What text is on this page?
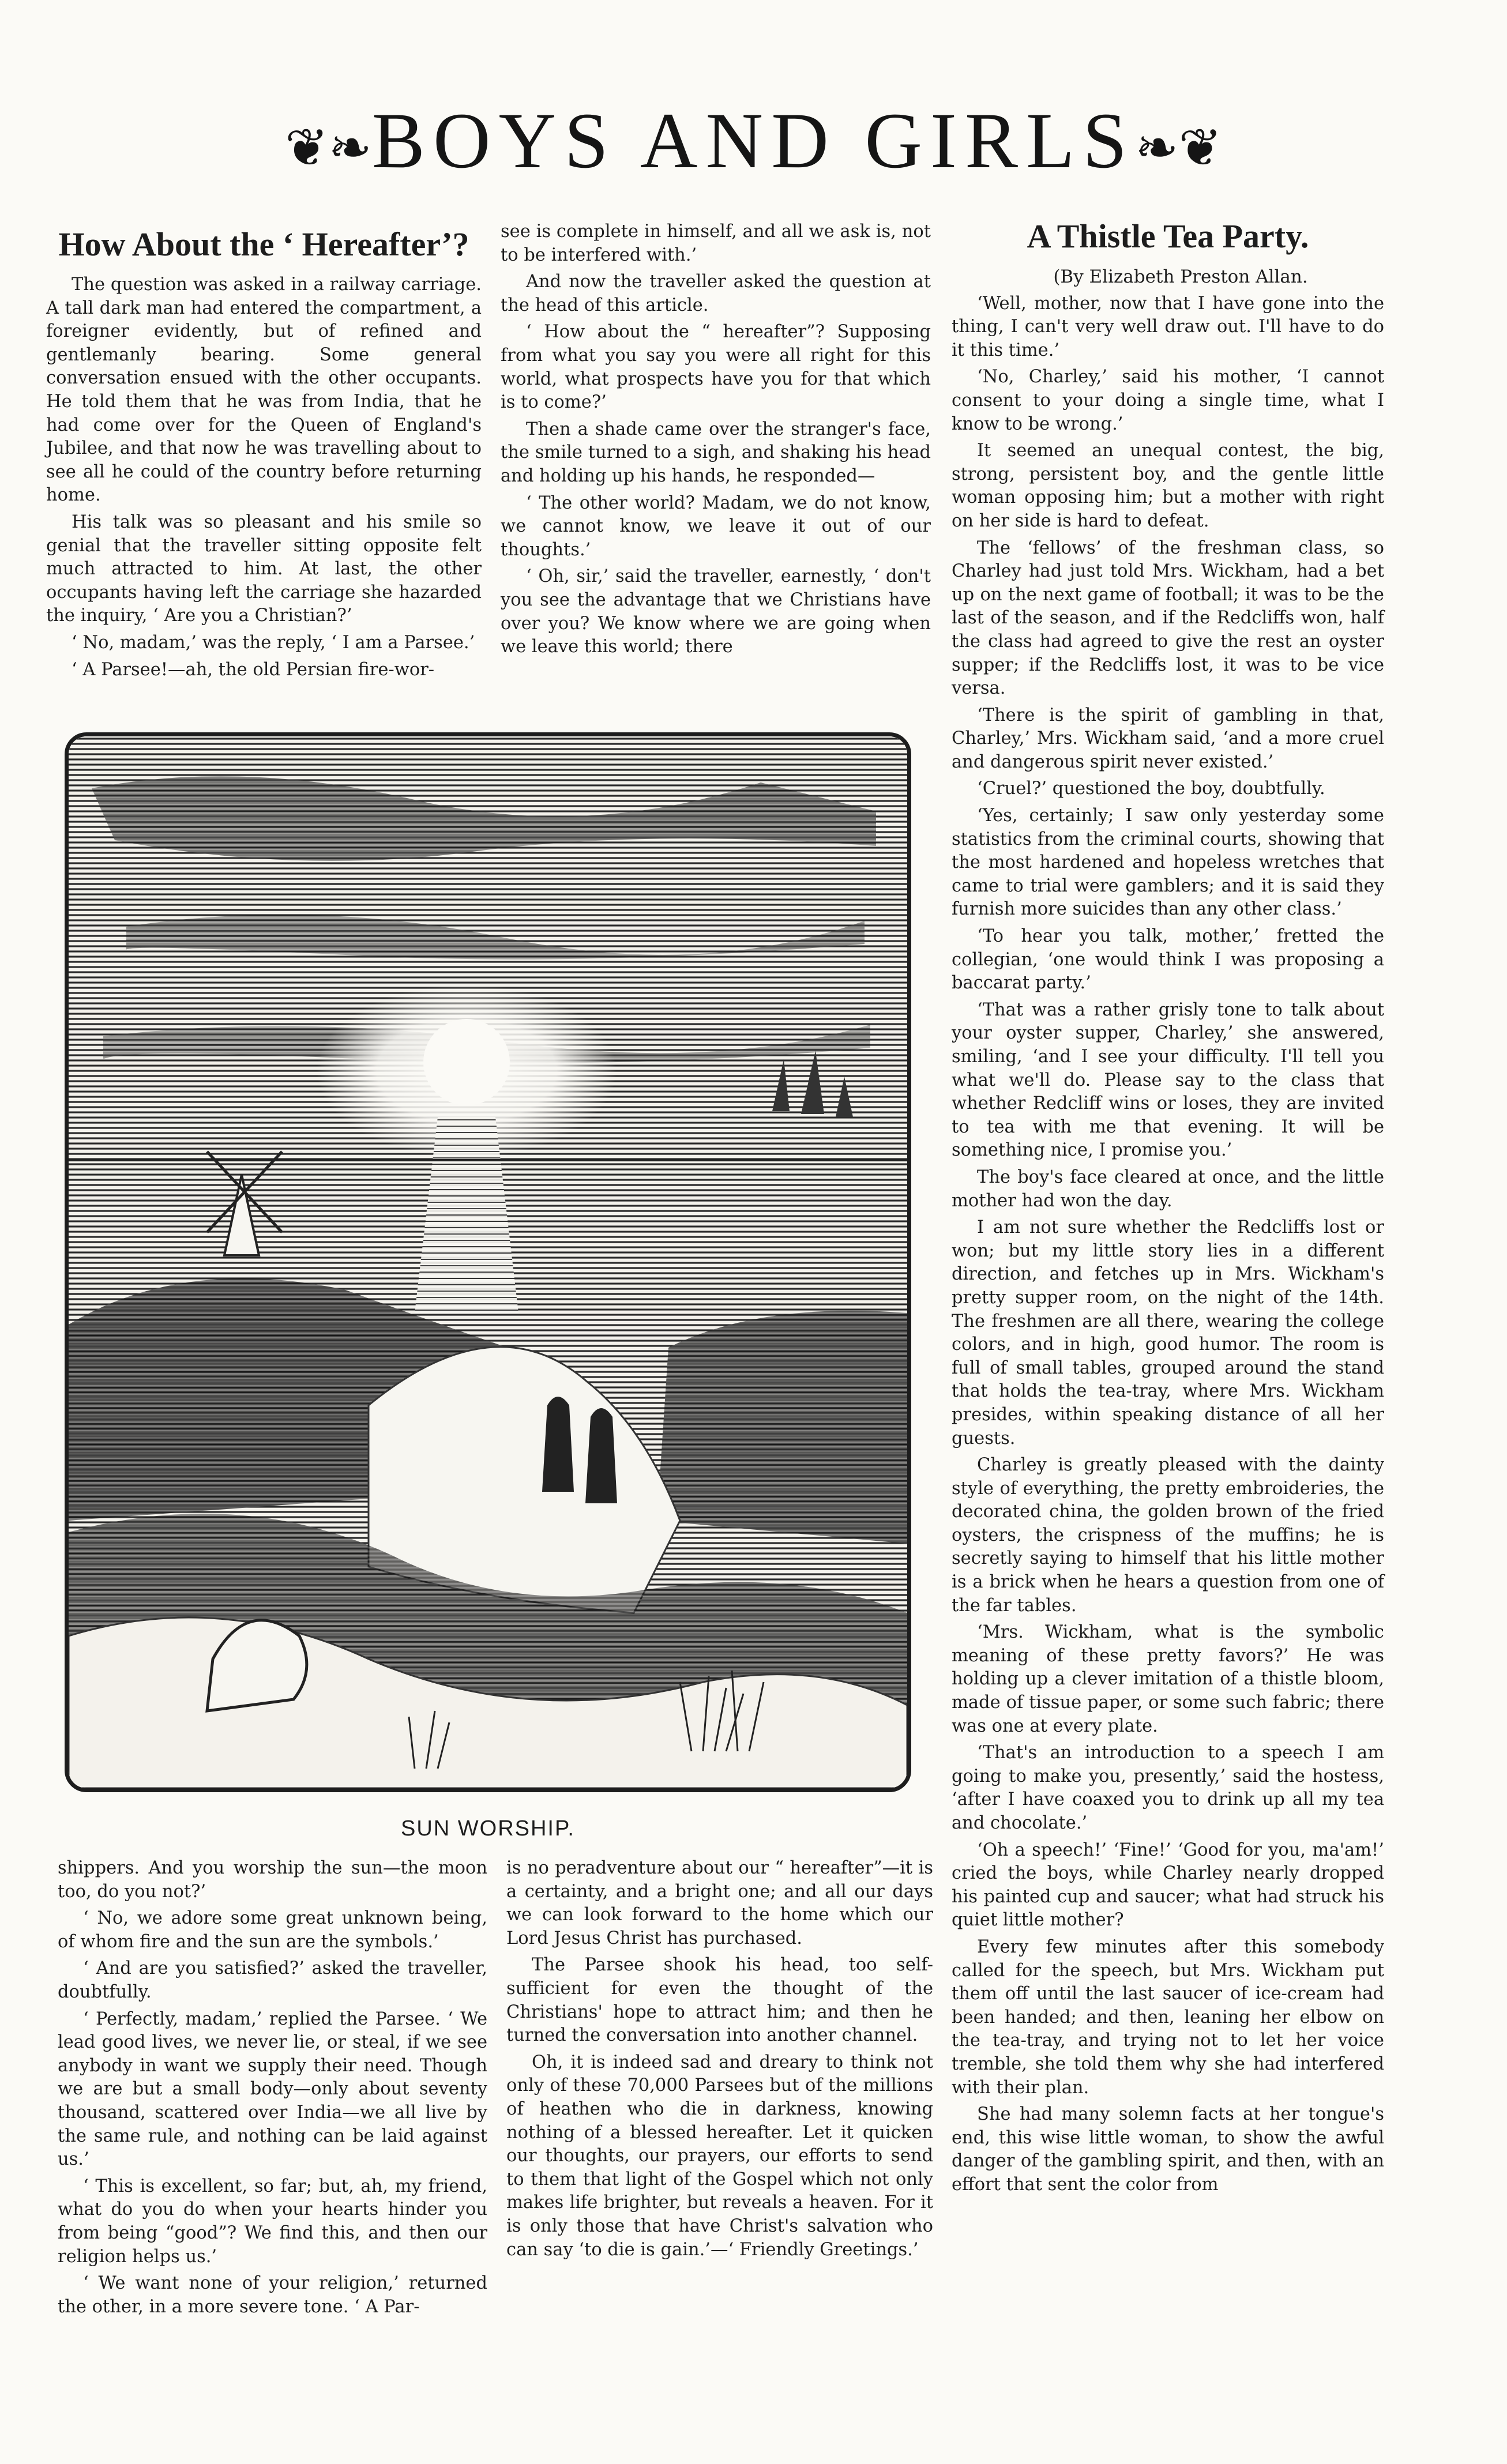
❦❧BOYS AND GIRLS❧❦
How About the ‘ Hereafter’?

The question was asked in a railway carriage. A tall dark man had entered the compartment, a foreigner evidently, but of refined and gentlemanly bearing. Some general conversation ensued with the other occupants. He told them that he was from India, that he had come over for the Queen of England's Jubilee, and that now he was travelling about to see all he could of the country before returning home.

His talk was so pleasant and his smile so genial that the traveller sitting opposite felt much attracted to him. At last, the other occupants having left the carriage she hazarded the inquiry, ‘ Are you a Christian?’

‘ No, madam,’ was the reply, ‘ I am a Parsee.’

‘ A Parsee!—ah, the old Persian fire-wor-

see is complete in himself, and all we ask is, not to be interfered with.’

And now the traveller asked the question at the head of this article.

‘ How about the “ hereafter”? Supposing from what you say you were all right for this world, what prospects have you for that which is to come?’

Then a shade came over the stranger's face, the smile turned to a sigh, and shaking his head and holding up his hands, he responded—

‘ The other world? Madam, we do not know, we cannot know, we leave it out of our thoughts.’

‘ Oh, sir,’ said the traveller, earnestly, ‘ don't you see the advantage that we Christians have over you? We know where we are going when we leave this world; there

SUN WORSHIP.

shippers. And you worship the sun—the moon too, do you not?’

‘ No, we adore some great unknown being, of whom fire and the sun are the symbols.’

‘ And are you satisfied?’ asked the traveller, doubtfully.

‘ Perfectly, madam,’ replied the Parsee. ‘ We lead good lives, we never lie, or steal, if we see anybody in want we supply their need. Though we are but a small body—only about seventy thousand, scattered over India—we all live by the same rule, and nothing can be laid against us.’

‘ This is excellent, so far; but, ah, my friend, what do you do when your hearts hinder you from being “good”? We find this, and then our religion helps us.’

‘ We want none of your religion,’ returned the other, in a more severe tone. ‘ A Par-

is no peradventure about our “ hereafter”—it is a certainty, and a bright one; and all our days we can look forward to the home which our Lord Jesus Christ has purchased.

The Parsee shook his head, too self-sufficient for even the thought of the Christians' hope to attract him; and then he turned the conversation into another channel.

Oh, it is indeed sad and dreary to think not only of these 70,000 Parsees but of the millions of heathen who die in darkness, knowing nothing of a blessed hereafter. Let it quicken our thoughts, our prayers, our efforts to send to them that light of the Gospel which not only makes life brighter, but reveals a heaven. For it is only those that have Christ's salvation who can say ‘to die is gain.’—‘ Friendly Greetings.’

A Thistle Tea Party.

(By Elizabeth Preston Allan.

‘Well, mother, now that I have gone into the thing, I can't very well draw out. I'll have to do it this time.’

‘No, Charley,’ said his mother, ‘I cannot consent to your doing a single time, what I know to be wrong.’

It seemed an unequal contest, the big, strong, persistent boy, and the gentle little woman opposing him; but a mother with right on her side is hard to defeat.

The ‘fellows’ of the freshman class, so Charley had just told Mrs. Wickham, had a bet up on the next game of football; it was to be the last of the season, and if the Redcliffs won, half the class had agreed to give the rest an oyster supper; if the Redcliffs lost, it was to be vice versa.

‘There is the spirit of gambling in that, Charley,’ Mrs. Wickham said, ‘and a more cruel and dangerous spirit never existed.’

‘Cruel?’ questioned the boy, doubtfully.

‘Yes, certainly; I saw only yesterday some statistics from the criminal courts, showing that the most hardened and hopeless wretches that came to trial were gamblers; and it is said they furnish more suicides than any other class.’

‘To hear you talk, mother,’ fretted the collegian, ‘one would think I was proposing a baccarat party.’

‘That was a rather grisly tone to talk about your oyster supper, Charley,’ she answered, smiling, ‘and I see your difficulty. I'll tell you what we'll do. Please say to the class that whether Redcliff wins or loses, they are invited to tea with me that evening. It will be something nice, I promise you.’

The boy's face cleared at once, and the little mother had won the day.

I am not sure whether the Redcliffs lost or won; but my little story lies in a different direction, and fetches up in Mrs. Wickham's pretty supper room, on the night of the 14th. The freshmen are all there, wearing the college colors, and in high, good humor. The room is full of small tables, grouped around the stand that holds the tea-tray, where Mrs. Wickham presides, within speaking distance of all her guests.

Charley is greatly pleased with the dainty style of everything, the pretty embroideries, the decorated china, the golden brown of the fried oysters, the crispness of the muffins; he is secretly saying to himself that his little mother is a brick when he hears a question from one of the far tables.

‘Mrs. Wickham, what is the symbolic meaning of these pretty favors?’ He was holding up a clever imitation of a thistle bloom, made of tissue paper, or some such fabric; there was one at every plate.

‘That's an introduction to a speech I am going to make you, presently,’ said the hostess, ‘after I have coaxed you to drink up all my tea and chocolate.’

‘Oh a speech!’ ‘Fine!’ ‘Good for you, ma'am!’ cried the boys, while Charley nearly dropped his painted cup and saucer; what had struck his quiet little mother?

Every few minutes after this somebody called for the speech, but Mrs. Wickham put them off until the last saucer of ice-cream had been handed; and then, leaning her elbow on the tea-tray, and trying not to let her voice tremble, she told them why she had interfered with their plan.

She had many solemn facts at her tongue's end, this wise little woman, to show the awful danger of the gambling spirit, and then, with an effort that sent the color from
